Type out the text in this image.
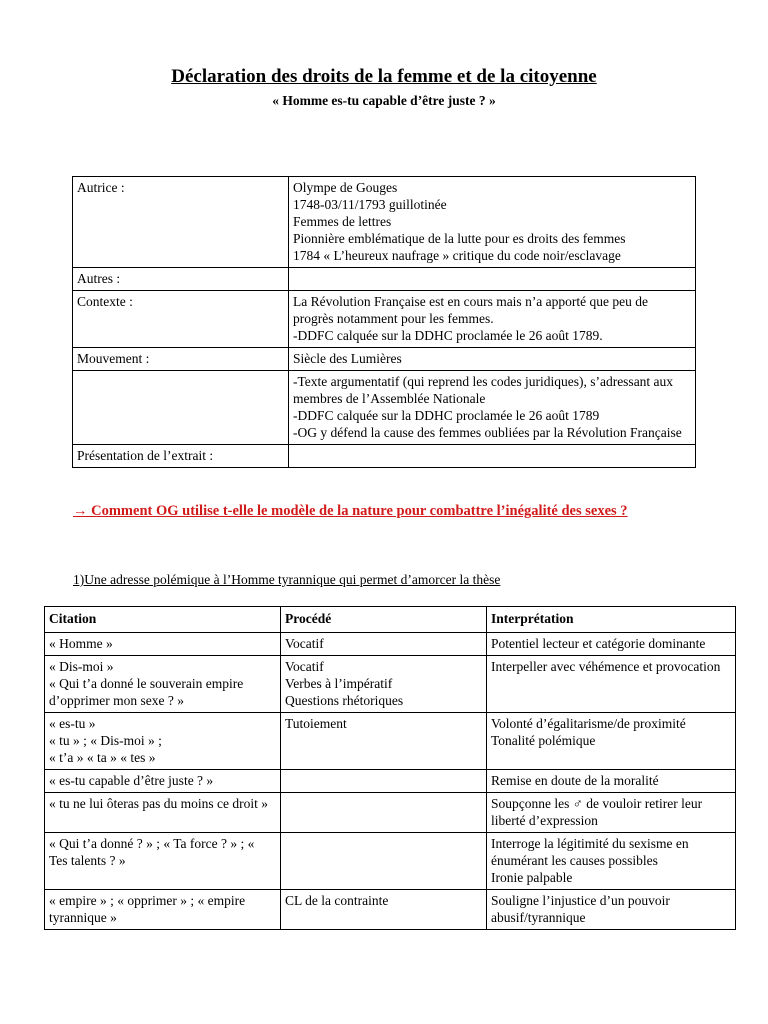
Déclaration des droits de la femme et de la citoyenne
« Homme es-tu capable d’être juste ? »
Autrice :	Olympe de Gouges
1748-03/11/1793 guillotinée
Femmes de lettres
Pionnière emblématique de la lutte pour es droits des femmes
1784 « L’heureux naufrage » critique du code noir/esclavage

Autres :	
Contexte :	La Révolution Française est en cours mais n’a apporté que peu de progrès notamment pour les femmes.
-DDFC calquée sur la DDHC proclamée le 26 août 1789.

Mouvement :	Siècle des Lumières

	-Texte argumentatif (qui reprend les codes juridiques), s’adressant aux membres de l’Assemblée Nationale
-DDFC calquée sur la DDHC proclamée le 26 août 1789
-OG y défend la cause des femmes oubliées par la Révolution Française

Présentation de l’extrait :	
→ Comment OG utilise t-elle le modèle de la nature pour combattre l’inégalité des sexes ?
1)Une adresse polémique à l’Homme tyrannique qui permet d’amorcer la thèse
Citation	Procédé	Interprétation

« Homme »	Vocatif	Potentiel lecteur et catégorie dominante

« Dis-moi »
« Qui t’a donné le souverain empire d’opprimer mon sexe ? »	Vocatif
Verbes à l’impératif
Questions rhétoriques	Interpeller avec véhémence et provocation

« es-tu »
« tu » ; « Dis-moi » ;
« t’a » « ta » « tes »	Tutoiement	Volonté d’égalitarisme/de proximité
Tonalité polémique

« es-tu capable d’être juste ? »		Remise en doute de la moralité

« tu ne lui ôteras pas du moins ce droit »		Soupçonne les ♂ de vouloir retirer leur liberté d’expression

« Qui t’a donné ? » ; « Ta force ? » ; « Tes talents ? »		Interroge la légitimité du sexisme en énumérant les causes possibles
Ironie palpable

« empire » ; « opprimer » ; « empire tyrannique »	CL de la contrainte	Souligne l’injustice d’un pouvoir abusif/tyrannique
